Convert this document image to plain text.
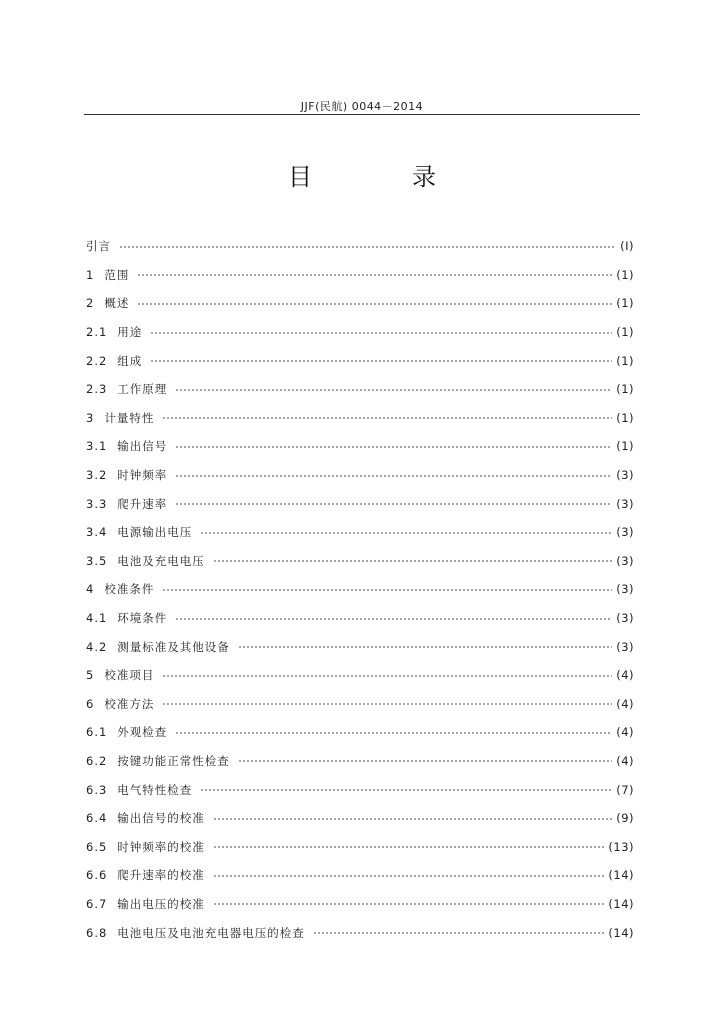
JJF(民航) 0044－2014
目　录
引言	(Ⅰ)
1 范围	(1)
2 概述	(1)
2.1 用途	(1)
2.2 组成	(1)
2.3 工作原理	(1)
3 计量特性	(1)
3.1 输出信号	(1)
3.2 时钟频率	(3)
3.3 爬升速率	(3)
3.4 电源输出电压	(3)
3.5 电池及充电电压	(3)
4 校准条件	(3)
4.1 环境条件	(3)
4.2 测量标准及其他设备	(3)
5 校准项目	(4)
6 校准方法	(4)
6.1 外观检查	(4)
6.2 按键功能正常性检查	(4)
6.3 电气特性检查	(7)
6.4 输出信号的校准	(9)
6.5 时钟频率的校准	(13)
6.6 爬升速率的校准	(14)
6.7 输出电压的校准	(14)
6.8 电池电压及电池充电器电压的检查	(14)
